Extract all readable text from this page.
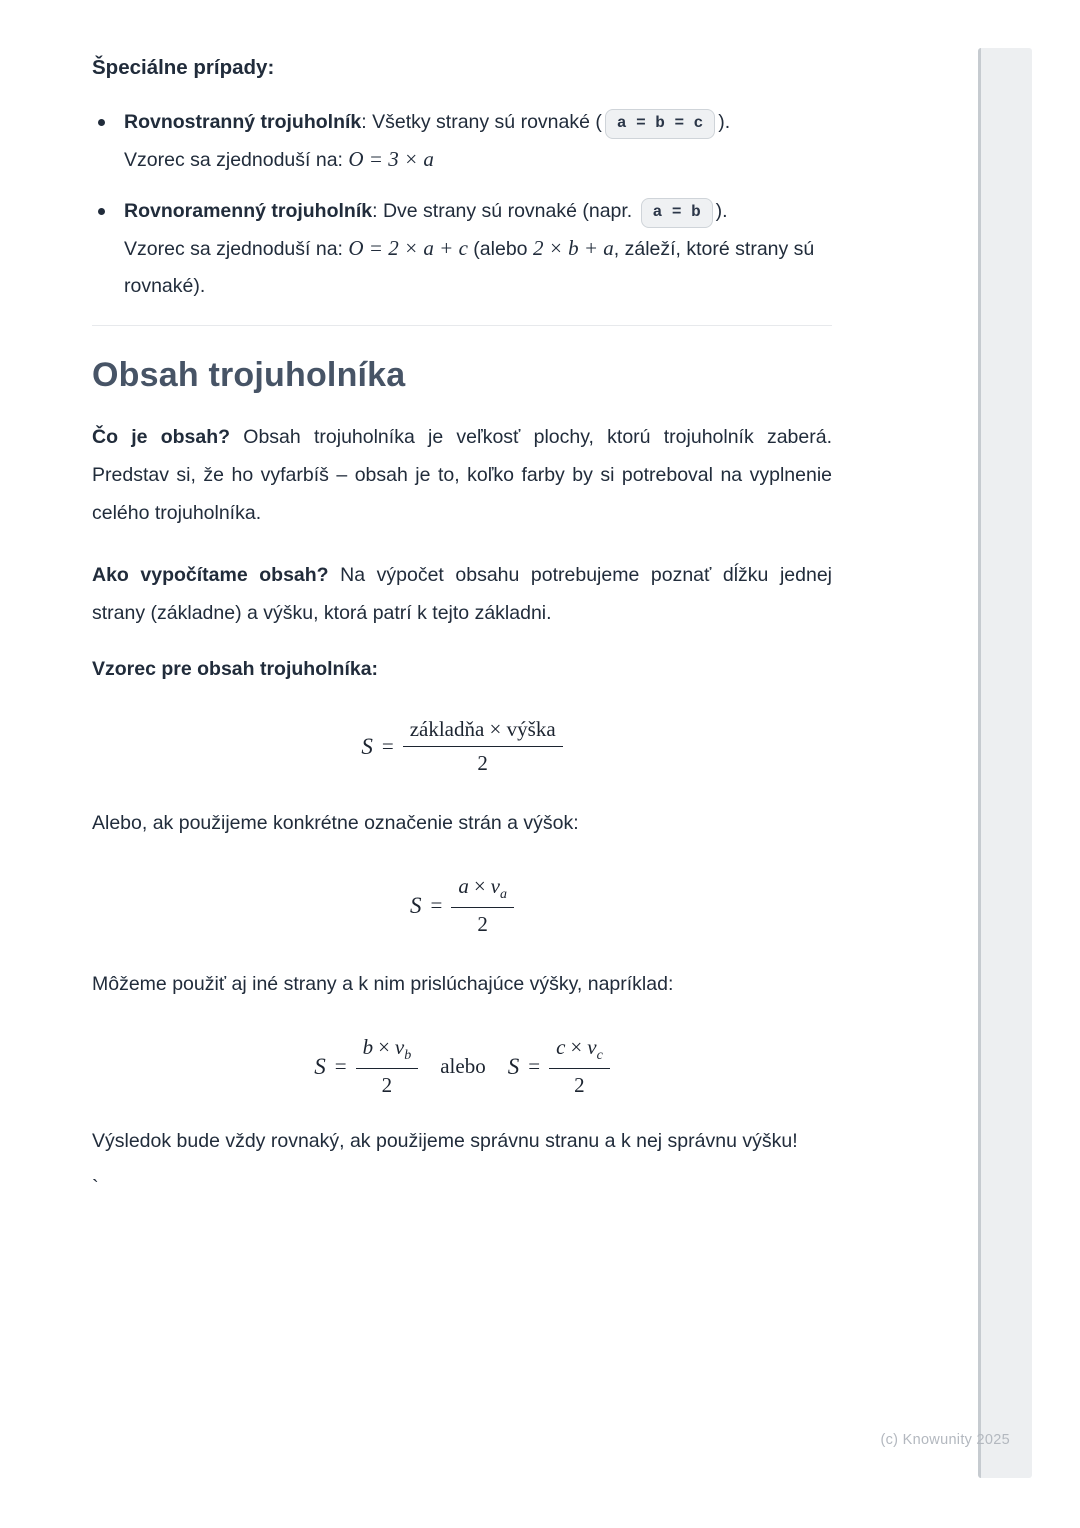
Špeciálne prípady:
Rovnostranný trojuholník: Všetky strany sú rovnaké ( a = b = c ).
Vzorec sa zjednoduší na: O = 3 × a
Rovnoramenný trojuholník: Dve strany sú rovnaké (napr. a = b ).
Vzorec sa zjednoduší na: O = 2 × a + c (alebo 2 × b + a, záleží, ktoré strany sú rovnaké).
Obsah trojuholníka

Čo je obsah? Obsah trojuholníka je veľkosť plochy, ktorú trojuholník zaberá. Predstav si, že ho vyfarbíš – obsah je to, koľko farby by si potreboval na vyplnenie celého trojuholníka.

Ako vypočítame obsah? Na výpočet obsahu potrebujeme poznať dĺžku jednej strany (základne) a výšku, ktorá patrí k tejto základni.

Vzorec pre obsah trojuholníka:

$S = \frac{\text{základňa × výška}}{2}$

Alebo, ak použijeme konkrétne označenie strán a výšok:

$S = \frac{a \times v_a}{2}$

Môžeme použiť aj iné strany a k nim prislúchajúce výšky, napríklad:

$S = \frac{b \times v_b}{2}$ alebo $S = \frac{c \times v_c}{2}$

Výsledok bude vždy rovnaký, ak použijeme správnu stranu a k nej správnu výšku!

`

(c) Knowunity 2025
